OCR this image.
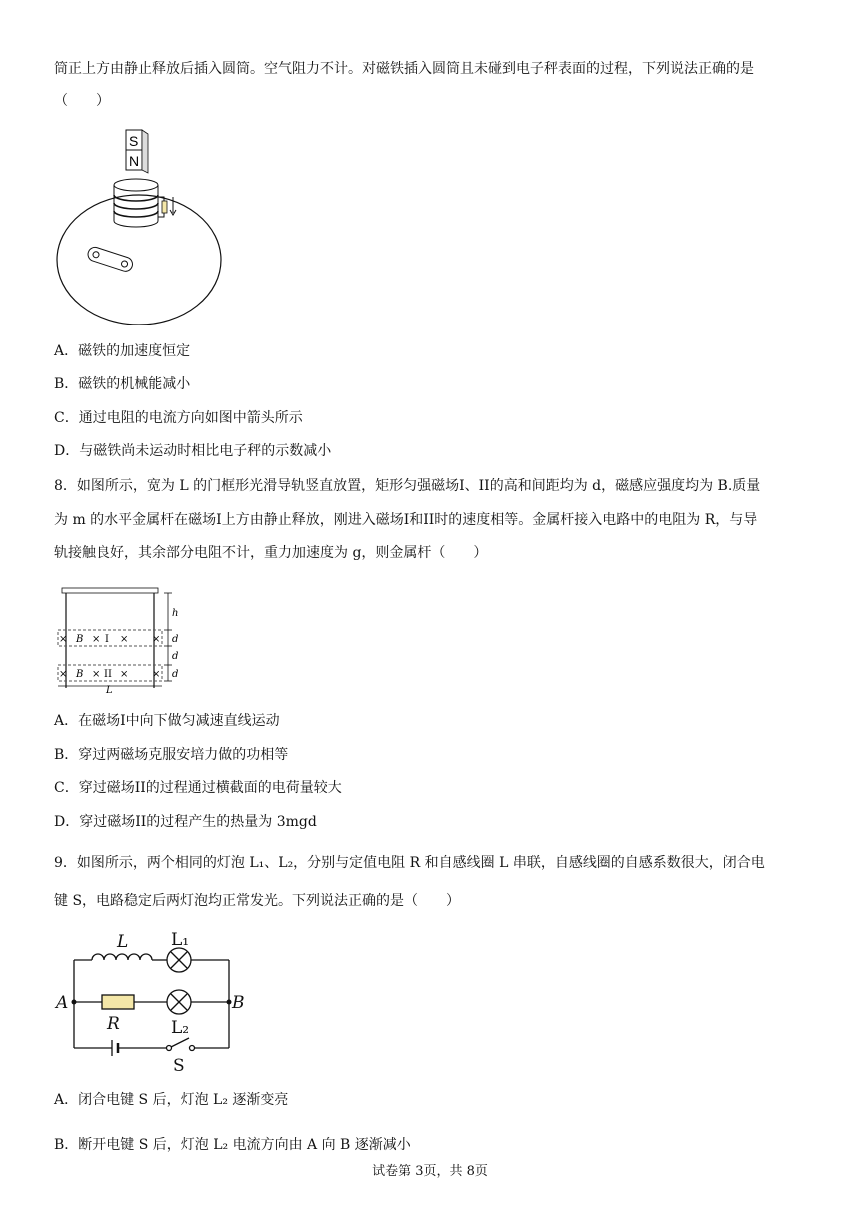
筒正上方由静止释放后插入圆筒。空气阻力不计。对磁铁插入圆筒且未碰到电子秤表面的过程，下列说法正确的是
（　　）
S
N
A．磁铁的加速度恒定
B．磁铁的机械能减小
C．通过电阻的电流方向如图中箭头所示
D．与磁铁尚未运动时相比电子秤的示数减小
8．如图所示，宽为 L 的门框形光滑导轨竖直放置，矩形匀强磁场I、II的高和间距均为 d，磁感应强度均为 B.质量
为 m 的水平金属杆在磁场I上方由静止释放，刚进入磁场I和II时的速度相等。金属杆接入电路中的电阻为 R，与导
轨接触良好，其余部分电阻不计，重力加速度为 g，则金属杆（　　）
× B × I × ×
× B × II × ×
h
d
d
d
L
A．在磁场I中向下做匀减速直线运动
B．穿过两磁场克服安培力做的功相等
C．穿过磁场II的过程通过横截面的电荷量较大
D．穿过磁场II的过程产生的热量为 3mgd
9．如图所示，两个相同的灯泡 L₁、L₂，分别与定值电阻 R 和自感线圈 L 串联，自感线圈的自感系数很大，闭合电
键 S，电路稳定后两灯泡均正常发光。下列说法正确的是（　　）
L	L₁
A	B
R	L₂
S
A．闭合电键 S 后，灯泡 L₂ 逐渐变亮
B．断开电键 S 后，灯泡 L₂ 电流方向由 A 向 B 逐渐减小
试卷第 3页，共 8页
